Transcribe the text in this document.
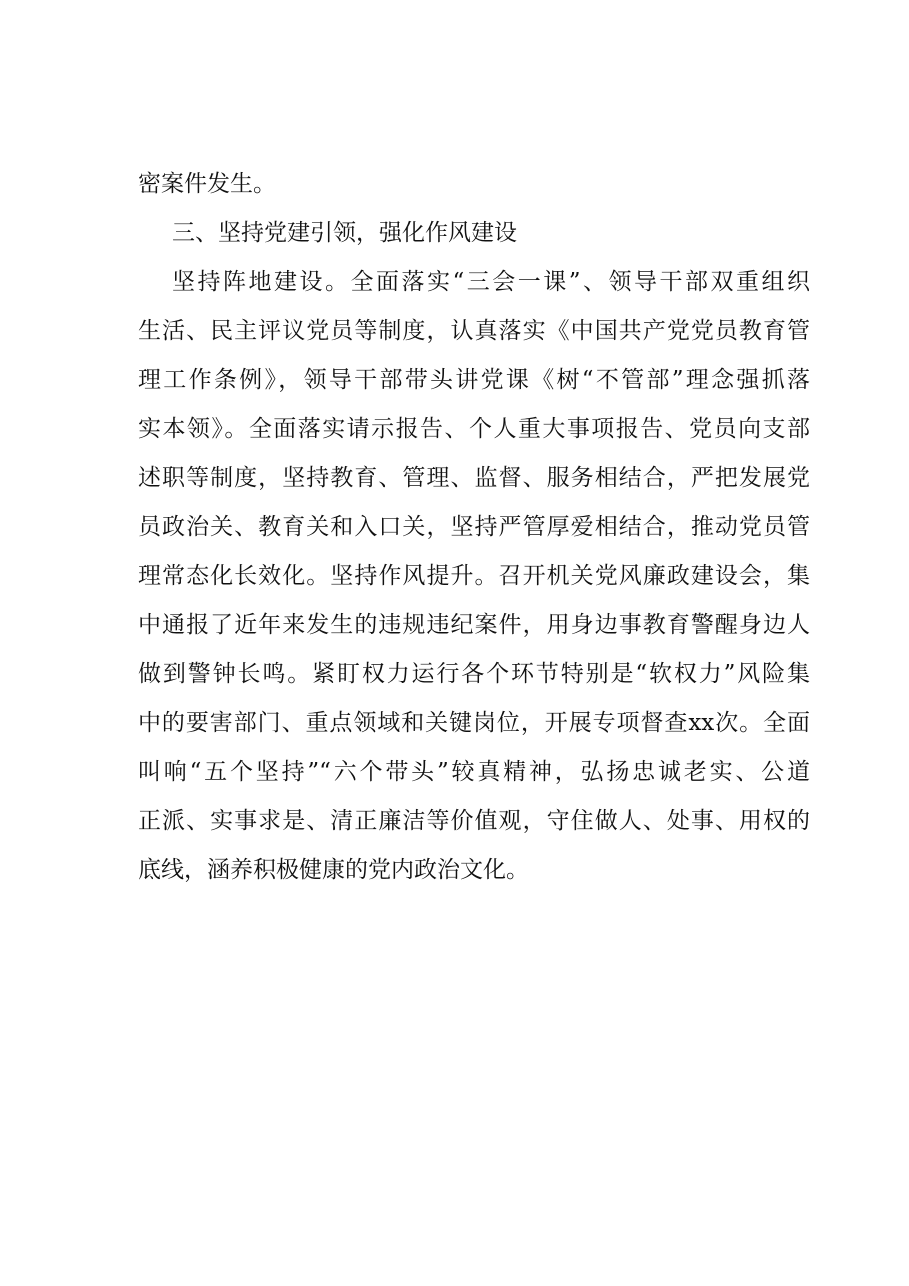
密案件发生。
三、坚持党建引领，强化作风建设
坚持阵地建设。全面落实“三会一课”、领导干部双重组织
生活、民主评议党员等制度，认真落实《中国共产党党员教育管
理工作条例》，领导干部带头讲党课《树“不管部”理念强抓落
实本领》。全面落实请示报告、个人重大事项报告、党员向支部
述职等制度，坚持教育、管理、监督、服务相结合，严把发展党
员政治关、教育关和入口关，坚持严管厚爱相结合，推动党员管
理常态化长效化。坚持作风提升。召开机关党风廉政建设会，集
中通报了近年来发生的违规违纪案件，用身边事教育警醒身边人
做到警钟长鸣。紧盯权力运行各个环节特别是“软权力”风险集
中的要害部门、重点领域和关键岗位，开展专项督查xx次。全面
叫响“五个坚持”“六个带头”较真精神，弘扬忠诚老实、公道
正派、实事求是、清正廉洁等价值观，守住做人、处事、用权的
底线，涵养积极健康的党内政治文化。
